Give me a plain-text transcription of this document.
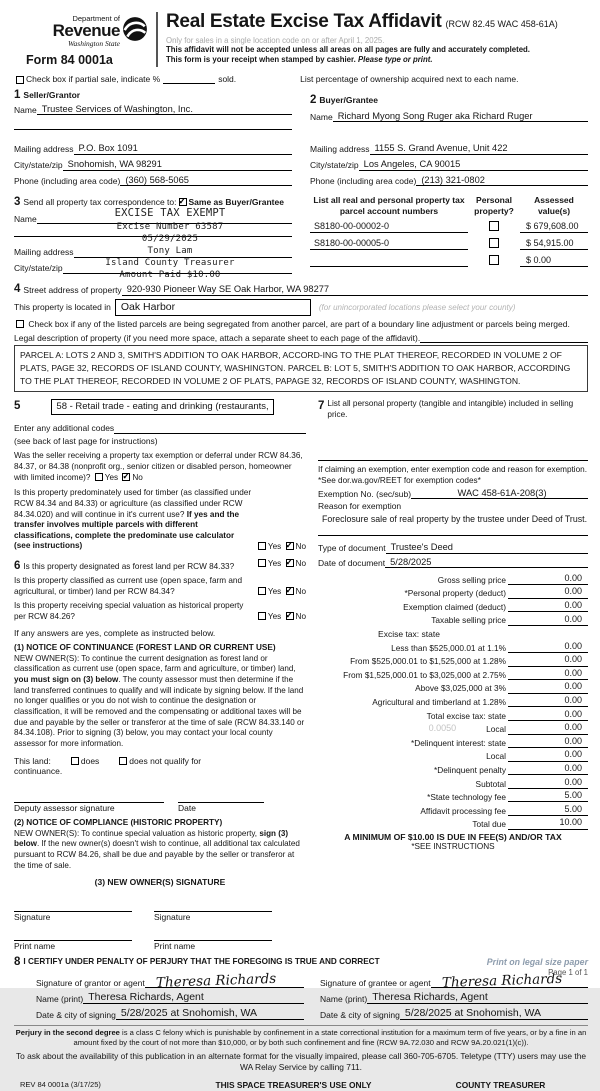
Department of
Revenue
Washington State
Form 84 0001a
Real Estate Excise Tax Affidavit (RCW 82.45 WAC 458-61A)
Only for sales in a single location code on or after April 1, 2025.
This affidavit will not be accepted unless all areas on all pages are fully and accurately completed.
This form is your receipt when stamped by cashier. Please type or print.
Check box if partial sale, indicate %	sold.	List percentage of ownership acquired next to each name.
1 Seller/Grantor
Name Trustee Services of Washington, Inc.
Mailing address P.O. Box 1091
City/state/zip Snohomish, WA 98291
Phone (including area code) (360) 568-5065
2 Buyer/Grantee
Name Richard Myong Song Ruger aka Richard Ruger
Mailing address 1155 S. Grand Avenue, Unit 422
City/state/zip Los Angeles, CA 90015
Phone (including area code) (213) 321-0802
3 Send all property tax correspondence to: ✓ Same as Buyer/Grantee
Name
Mailing address
City/state/zip
EXCISE TAX EXEMPT
Excise Number 63587
05/29/2025
Tony Lam
Island County Treasurer
Amount Paid $10.00
List all real and personal property tax parcel account numbers
Personal property?
Assessed value(s)
S8180-00-00002-0	$ 679,608.00
S8180-00-00005-0	$ 54,915.00
$ 0.00
4 Street address of property 920-930 Pioneer Way SE Oak Harbor, WA 98277
This property is located in Oak Harbor	(for unincorporated locations please select your county)
Check box if any of the listed parcels are being segregated from another parcel, are part of a boundary line adjustment or parcels being merged.
Legal description of property (if you need more space, attach a separate sheet to each page of the affidavit).
PARCEL A: LOTS 2 AND 3, SMITH'S ADDITION TO OAK HARBOR, ACCORD-ING TO THE PLAT THEREOF, RECORDED IN VOLUME 2 OF PLATS, PAGE 32, RECORDS OF ISLAND COUNTY, WASHINGTON. PARCEL B: LOT 5, SMITH'S ADDITION TO OAK HARBOR, ACCORDING TO THE PLAT THEREOF, RECORDED IN VOLUME 2 OF PLATS, PAPAGE 32, RECORDS OF ISLAND COUNTY, WASHINGTON.
5	58 - Retail trade - eating and drinking (restaurants,
Enter any additional codes
(see back of last page for instructions)
Was the seller receiving a property tax exemption or deferral under RCW 84.36, 84.37, or 84.38 (nonprofit org., senior citizen or disabled person, homeowner with limited income)? Yes ✓ No
Is this property predominately used for timber (as classified under RCW 84.34 and 84.33) or agriculture (as classified under RCW 84.34.020) and will continue in it's current use? If yes and the transfer involves multiple parcels with different classifications, complete the predominate use calculator (see instructions)	Yes ✓ No
6 Is this property designated as forest land per RCW 84.33?	Yes ✓ No
Is this property classified as current use (open space, farm and agricultural, or timber) land per RCW 84.34?	Yes ✓ No
Is this property receiving special valuation as historical property per RCW 84.26?	Yes ✓ No
If any answers are yes, complete as instructed below.
(1) NOTICE OF CONTINUANCE (FOREST LAND OR CURRENT USE)
NEW OWNER(S): To continue the current designation as forest land or classification as current use (open space, farm and agriculture, or timber) land, you must sign on (3) below. The county assessor must then determine if the land transferred continues to qualify and will indicate by signing below. If the land no longer qualifies or you do not wish to continue the designation or classification, it will be removed and the compensating or additional taxes will be due and payable by the seller or transferor at the time of sale (RCW 84.33.140 or 84.34.108). Prior to signing (3) below, you may contact your local county assessor for more information.
This land:	does	does not qualify for
continuance.
Deputy assessor signature	Date
(2) NOTICE OF COMPLIANCE (HISTORIC PROPERTY)
NEW OWNER(S): To continue special valuation as historic property, sign (3) below. If the new owner(s) doesn't wish to continue, all additional tax calculated pursuant to RCW 84.26, shall be due and payable by the seller or transferor at the time of sale.
(3) NEW OWNER(S) SIGNATURE
Signature	Signature
Print name	Print name
7 List all personal property (tangible and intangible) included in selling price.
If claiming an exemption, enter exemption code and reason for exemption. *See dor.wa.gov/REET for exemption codes*
Exemption No. (sec/sub)	WAC 458-61A-208(3)
Reason for exemption
Foreclosure sale of real property by the trustee under Deed of Trust.
Type of document Trustee's Deed
Date of document 5/28/2025
Gross selling price	0.00
*Personal property (deduct)	0.00
Exemption claimed (deduct)	0.00
Taxable selling price	0.00
Excise tax: state
Less than $525,000.01 at 1.1%	0.00
From $525,000.01 to $1,525,000 at 1.28%	0.00
From $1,525,000.01 to $3,025,000 at 2.75%	0.00
Above $3,025,000 at 3%	0.00
Agricultural and timberland at 1.28%	0.00
Total excise tax: state	0.00
0.0050	Local	0.00
*Delinquent interest: state	0.00
Local	0.00
*Delinquent penalty	0.00
Subtotal	0.00
*State technology fee	5.00
Affidavit processing fee	5.00
Total due	10.00
A MINIMUM OF $10.00 IS DUE IN FEE(S) AND/OR TAX
*SEE INSTRUCTIONS
8 I CERTIFY UNDER PENALTY OF PERJURY THAT THE FOREGOING IS TRUE AND CORRECT
Signature of grantor or agent Theresa Richards
Name (print) Theresa Richards, Agent
Date & city of signing 5/28/2025 at Snohomish, WA
Signature of grantee or agent Theresa Richards
Name (print) Theresa Richards, Agent
Date & city of signing 5/28/2025 at Snohomish, WA
Perjury in the second degree is a class C felony which is punishable by confinement in a state correctional institution for a maximum term of five years, or by a fine in an amount fixed by the court of not more than $10,000, or by both such confinement and fine (RCW 9A.72.030 and RCW 9A.20.021(1)(c)).
To ask about the availability of this publication in an alternate format for the visually impaired, please call 360-705-6705. Teletype (TTY) users may use the WA Relay Service by calling 711.
REV 84 0001a (3/17/25)	THIS SPACE TREASURER'S USE ONLY	COUNTY TREASURER
Print on legal size paper
Page 1 of 1
